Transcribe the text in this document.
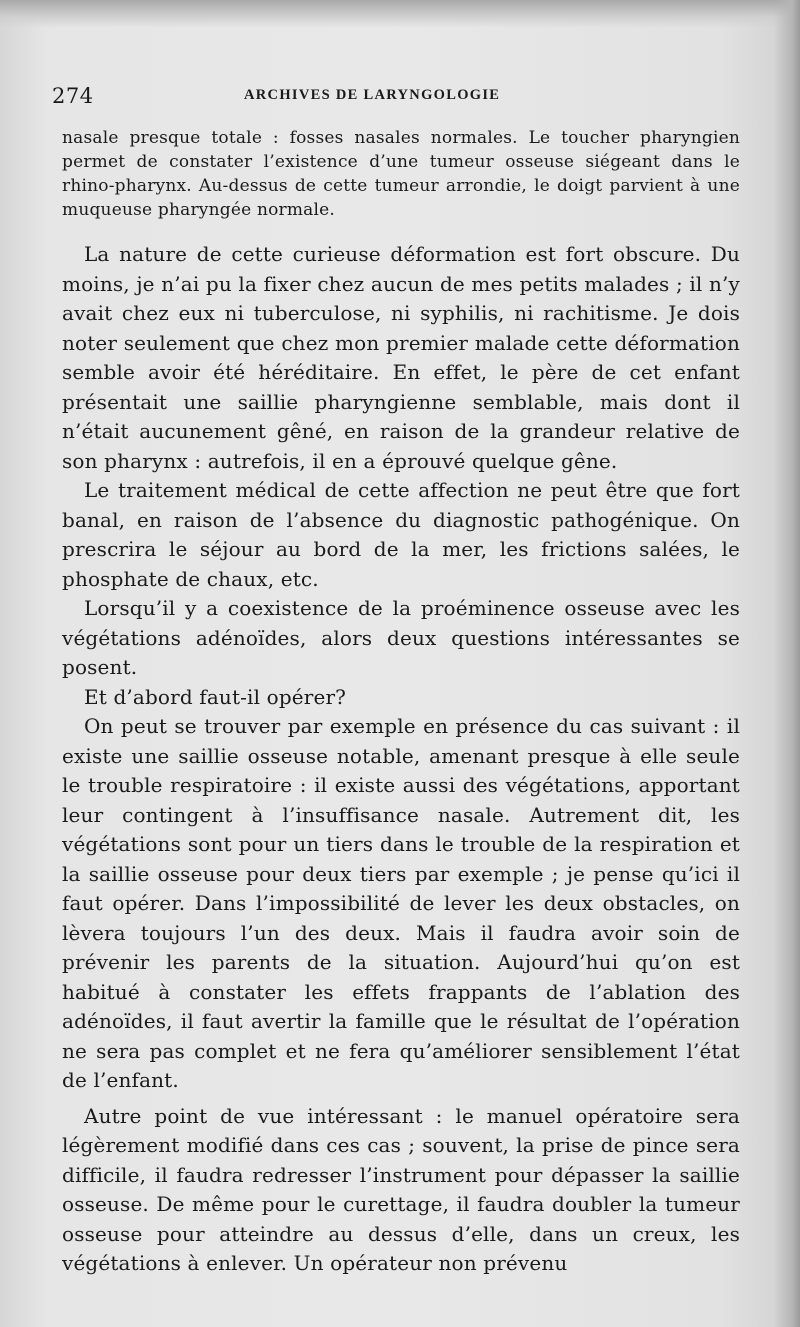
274	ARCHIVES DE LARYNGOLOGIE

nasale presque totale : fosses nasales normales. Le toucher pharyngien permet de constater l’existence d’une tumeur osseuse siégeant dans le rhino-pharynx. Au-dessus de cette tumeur arrondie, le doigt parvient à une muqueuse pharyngée normale.

La nature de cette curieuse déformation est fort obscure. Du moins, je n’ai pu la fixer chez aucun de mes petits malades ; il n’y avait chez eux ni tuberculose, ni syphilis, ni rachitisme. Je dois noter seulement que chez mon premier malade cette déformation semble avoir été héréditaire. En effet, le père de cet enfant présentait une saillie pharyngienne semblable, mais dont il n’était aucunement gêné, en raison de la grandeur relative de son pharynx : autrefois, il en a éprouvé quelque gêne.

Le traitement médical de cette affection ne peut être que fort banal, en raison de l’absence du diagnostic pathogénique. On prescrira le séjour au bord de la mer, les frictions salées, le phosphate de chaux, etc.

Lorsqu’il y a coexistence de la proéminence osseuse avec les végétations adénoïdes, alors deux questions intéressantes se posent.

Et d’abord faut-il opérer?

On peut se trouver par exemple en présence du cas suivant : il existe une saillie osseuse notable, amenant presque à elle seule le trouble respiratoire : il existe aussi des végétations, apportant leur contingent à l’insuffisance nasale. Autrement dit, les végétations sont pour un tiers dans le trouble de la respiration et la saillie osseuse pour deux tiers par exemple ; je pense qu’ici il faut opérer. Dans l’impossibilité de lever les deux obstacles, on lèvera toujours l’un des deux. Mais il faudra avoir soin de prévenir les parents de la situation. Aujourd’hui qu’on est habitué à constater les effets frappants de l’ablation des adénoïdes, il faut avertir la famille que le résultat de l’opération ne sera pas complet et ne fera qu’améliorer sensiblement l’état de l’enfant.

Autre point de vue intéressant : le manuel opératoire sera légèrement modifié dans ces cas ; souvent, la prise de pince sera difficile, il faudra redresser l’instrument pour dépasser la saillie osseuse. De même pour le curettage, il faudra doubler la tumeur osseuse pour atteindre au dessus d’elle, dans un creux, les végétations à enlever. Un opérateur non prévenu
